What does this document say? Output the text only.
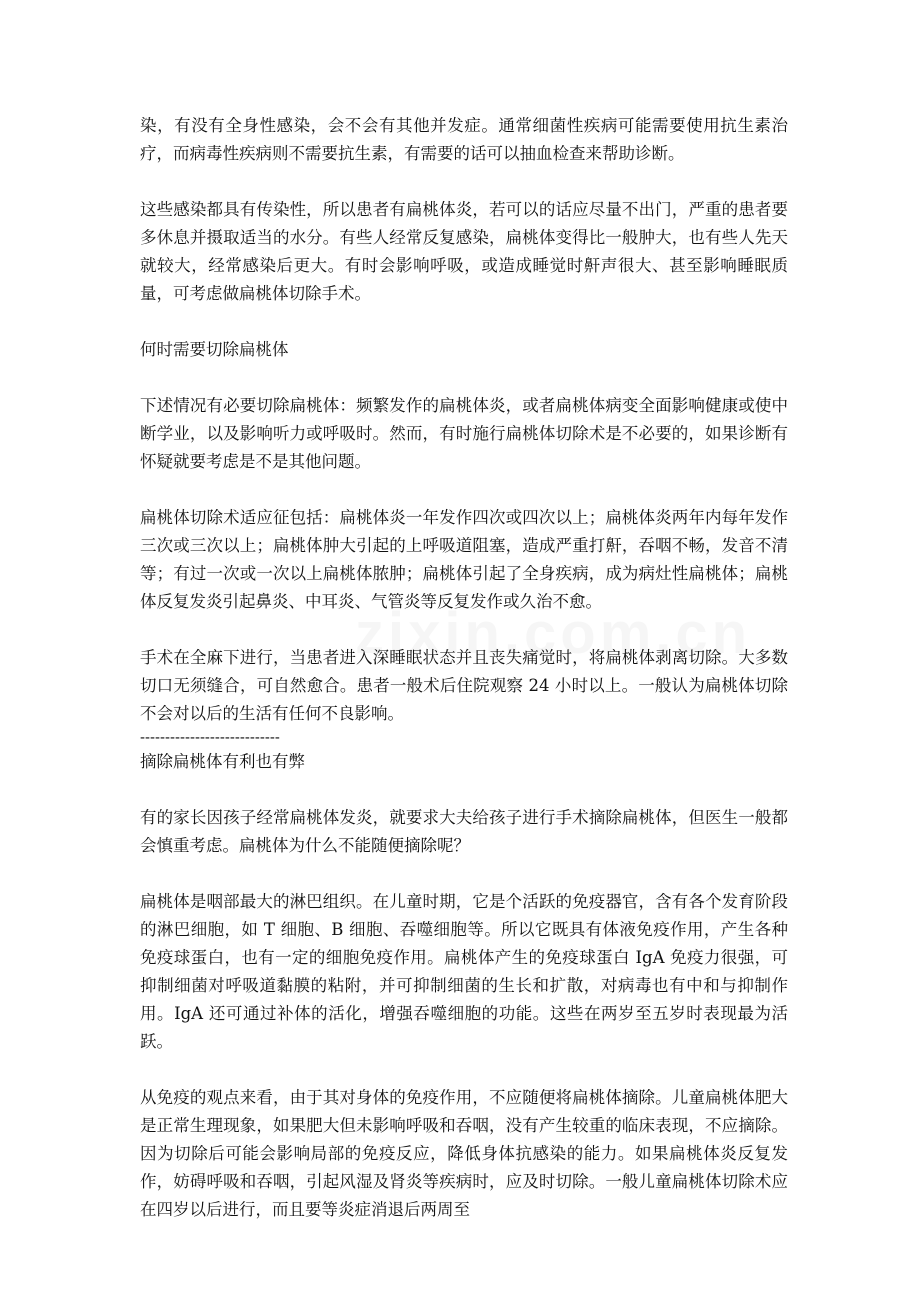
染，有没有全身性感染，会不会有其他并发症。通常细菌性疾病可能需要使用抗生素治疗，而病毒性疾病则不需要抗生素，有需要的话可以抽血检查来帮助诊断。

这些感染都具有传染性，所以患者有扁桃体炎，若可以的话应尽量不出门，严重的患者要多休息并摄取适当的水分。有些人经常反复感染，扁桃体变得比一般肿大，也有些人先天就较大，经常感染后更大。有时会影响呼吸，或造成睡觉时鼾声很大、甚至影响睡眠质量，可考虑做扁桃体切除手术。

何时需要切除扁桃体

下述情况有必要切除扁桃体：频繁发作的扁桃体炎，或者扁桃体病变全面影响健康或使中断学业，以及影响听力或呼吸时。然而，有时施行扁桃体切除术是不必要的，如果诊断有怀疑就要考虑是不是其他问题。

扁桃体切除术适应征包括：扁桃体炎一年发作四次或四次以上；扁桃体炎两年内每年发作三次或三次以上；扁桃体肿大引起的上呼吸道阻塞，造成严重打鼾，吞咽不畅，发音不清等；有过一次或一次以上扁桃体脓肿；扁桃体引起了全身疾病，成为病灶性扁桃体；扁桃体反复发炎引起鼻炎、中耳炎、气管炎等反复发作或久治不愈。

手术在全麻下进行，当患者进入深睡眠状态并且丧失痛觉时，将扁桃体剥离切除。大多数切口无须缝合，可自然愈合。患者一般术后住院观察 24 小时以上。一般认为扁桃体切除不会对以后的生活有任何不良影响。

----------------------------

摘除扁桃体有利也有弊

有的家长因孩子经常扁桃体发炎，就要求大夫给孩子进行手术摘除扁桃体，但医生一般都会慎重考虑。扁桃体为什么不能随便摘除呢？

扁桃体是咽部最大的淋巴组织。在儿童时期，它是个活跃的免疫器官，含有各个发育阶段的淋巴细胞，如 T 细胞、B 细胞、吞噬细胞等。所以它既具有体液免疫作用，产生各种免疫球蛋白，也有一定的细胞免疫作用。扁桃体产生的免疫球蛋白 IgA 免疫力很强，可抑制细菌对呼吸道黏膜的粘附，并可抑制细菌的生长和扩散，对病毒也有中和与抑制作用。IgA 还可通过补体的活化，增强吞噬细胞的功能。这些在两岁至五岁时表现最为活跃。

从免疫的观点来看，由于其对身体的免疫作用，不应随便将扁桃体摘除。儿童扁桃体肥大是正常生理现象，如果肥大但未影响呼吸和吞咽，没有产生较重的临床表现，不应摘除。因为切除后可能会影响局部的免疫反应，降低身体抗感染的能力。如果扁桃体炎反复发作，妨碍呼吸和吞咽，引起风湿及肾炎等疾病时，应及时切除。一般儿童扁桃体切除术应在四岁以后进行，而且要等炎症消退后两周至
